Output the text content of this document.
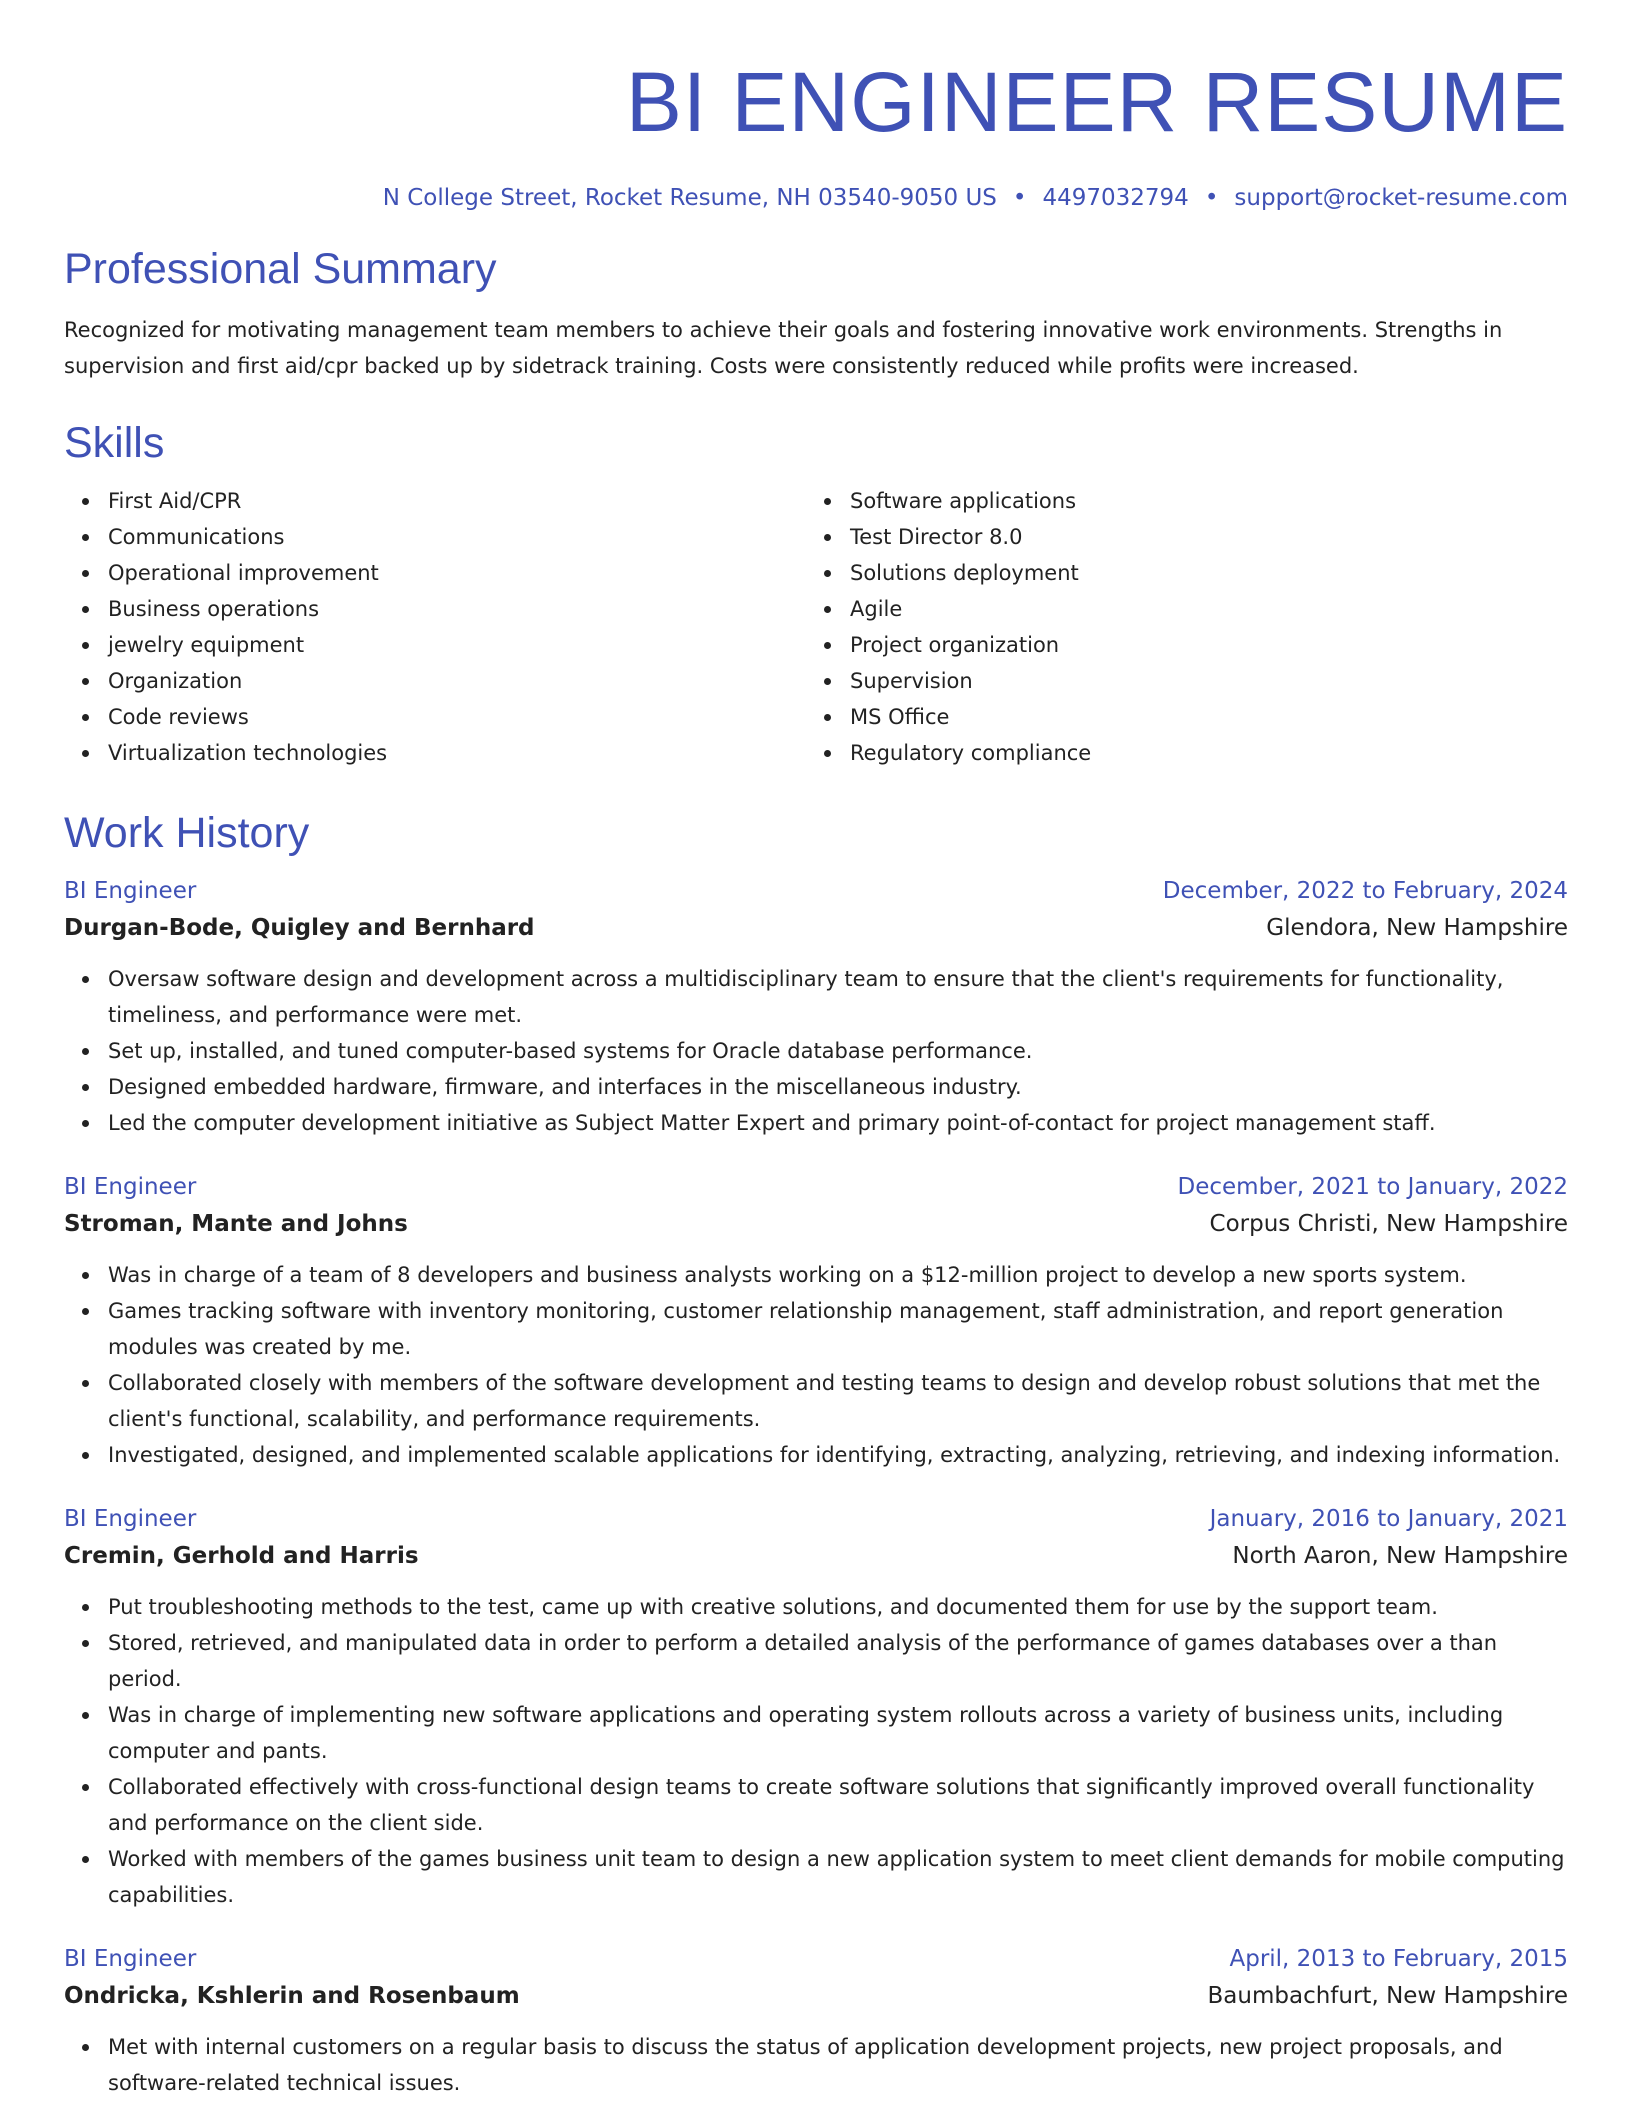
BI ENGINEER RESUME
N College Street, Rocket Resume, NH 03540-9050 US • 4497032794 • support@rocket-resume.com
Professional Summary

Recognized for motivating management team members to achieve their goals and fostering innovative work environments. Strengths in supervision and first aid/cpr backed up by sidetrack training. Costs were consistently reduced while profits were increased.

Skills
First Aid/CPR
Communications
Operational improvement
Business operations
jewelry equipment
Organization
Code reviews
Virtualization technologies
Software applications
Test Director 8.0
Solutions deployment
Agile
Project organization
Supervision
MS Office
Regulatory compliance
Work History
BI Engineer	December, 2022 to February, 2024
Durgan-Bode, Quigley and Bernhard	Glendora, New Hampshire
Oversaw software design and development across a multidisciplinary team to ensure that the client's requirements for functionality, timeliness, and performance were met.
Set up, installed, and tuned computer-based systems for Oracle database performance.
Designed embedded hardware, firmware, and interfaces in the miscellaneous industry.
Led the computer development initiative as Subject Matter Expert and primary point-of-contact for project management staff.
BI Engineer	December, 2021 to January, 2022
Stroman, Mante and Johns	Corpus Christi, New Hampshire
Was in charge of a team of 8 developers and business analysts working on a $12-million project to develop a new sports system.
Games tracking software with inventory monitoring, customer relationship management, staff administration, and report generation modules was created by me.
Collaborated closely with members of the software development and testing teams to design and develop robust solutions that met the client's functional, scalability, and performance requirements.
Investigated, designed, and implemented scalable applications for identifying, extracting, analyzing, retrieving, and indexing information.
BI Engineer	January, 2016 to January, 2021
Cremin, Gerhold and Harris	North Aaron, New Hampshire
Put troubleshooting methods to the test, came up with creative solutions, and documented them for use by the support team.
Stored, retrieved, and manipulated data in order to perform a detailed analysis of the performance of games databases over a than period.
Was in charge of implementing new software applications and operating system rollouts across a variety of business units, including computer and pants.
Collaborated effectively with cross-functional design teams to create software solutions that significantly improved overall functionality and performance on the client side.
Worked with members of the games business unit team to design a new application system to meet client demands for mobile computing capabilities.
BI Engineer	April, 2013 to February, 2015
Ondricka, Kshlerin and Rosenbaum	Baumbachfurt, New Hampshire
Met with internal customers on a regular basis to discuss the status of application development projects, new project proposals, and software-related technical issues.
